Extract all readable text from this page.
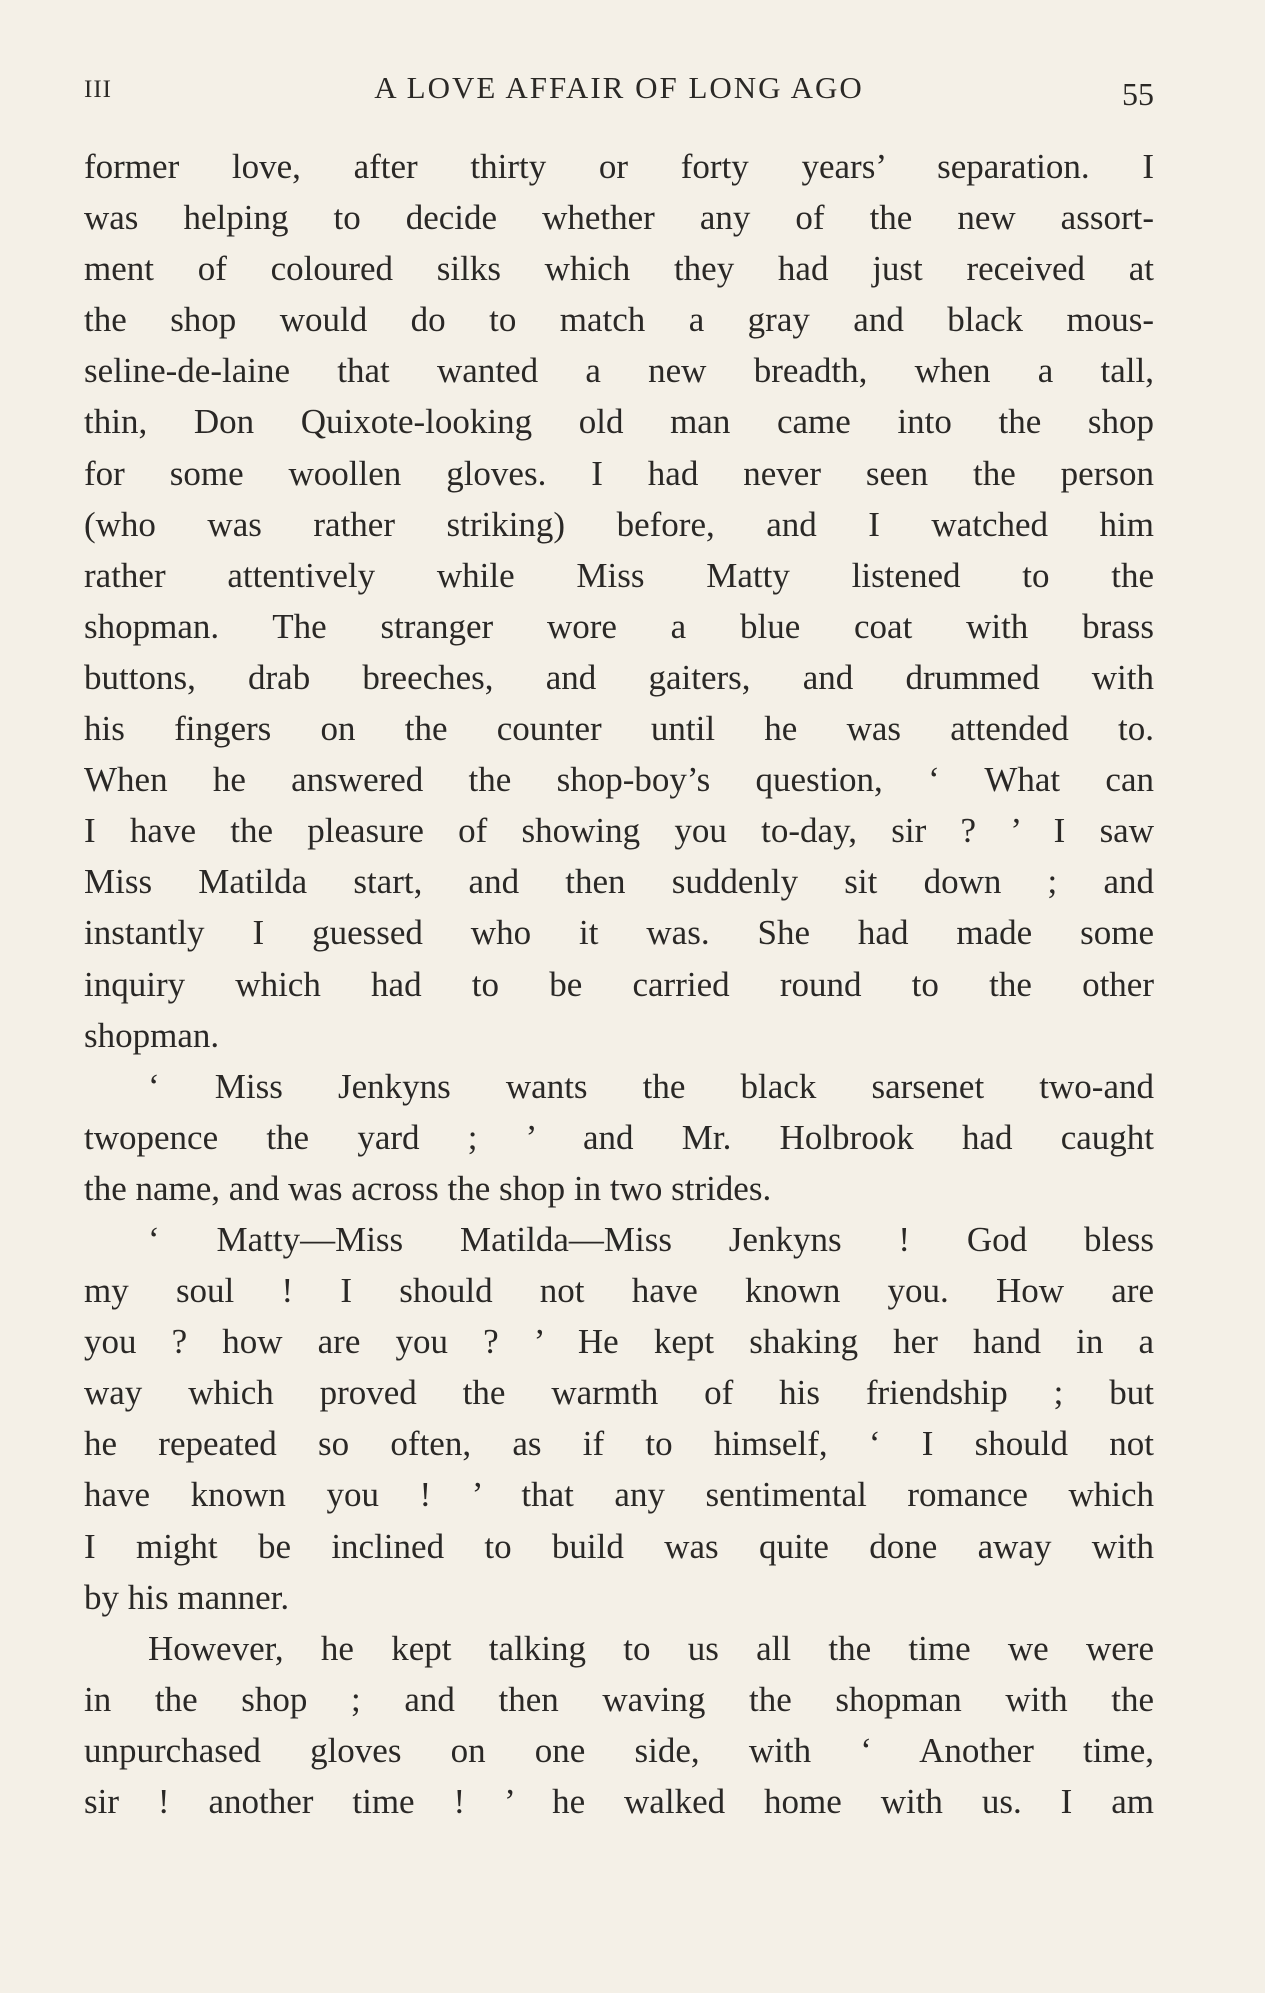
III	A LOVE AFFAIR OF LONG AGO	55
former love, after thirty or forty years’ separation. I
was helping to decide whether any of the new assort-
ment of coloured silks which they had just received at
the shop would do to match a gray and black mous-
seline-de-laine that wanted a new breadth, when a tall,
thin, Don Quixote-looking old man came into the shop
for some woollen gloves. I had never seen the person
(who was rather striking) before, and I watched him
rather attentively while Miss Matty listened to the
shopman. The stranger wore a blue coat with brass
buttons, drab breeches, and gaiters, and drummed with
his fingers on the counter until he was attended to.
When he answered the shop-boy’s question, ‘ What can
I have the pleasure of showing you to-day, sir ? ’ I saw
Miss Matilda start, and then suddenly sit down ; and
instantly I guessed who it was. She had made some
inquiry which had to be carried round to the other
shopman.
‘ Miss Jenkyns wants the black sarsenet two-and
twopence the yard ; ’ and Mr. Holbrook had caught
the name, and was across the shop in two strides.
‘ Matty—Miss Matilda—Miss Jenkyns ! God bless
my soul ! I should not have known you. How are
you ? how are you ? ’ He kept shaking her hand in a
way which proved the warmth of his friendship ; but
he repeated so often, as if to himself, ‘ I should not
have known you ! ’ that any sentimental romance which
I might be inclined to build was quite done away with
by his manner.
However, he kept talking to us all the time we were
in the shop ; and then waving the shopman with the
unpurchased gloves on one side, with ‘ Another time,
sir ! another time ! ’ he walked home with us. I am
